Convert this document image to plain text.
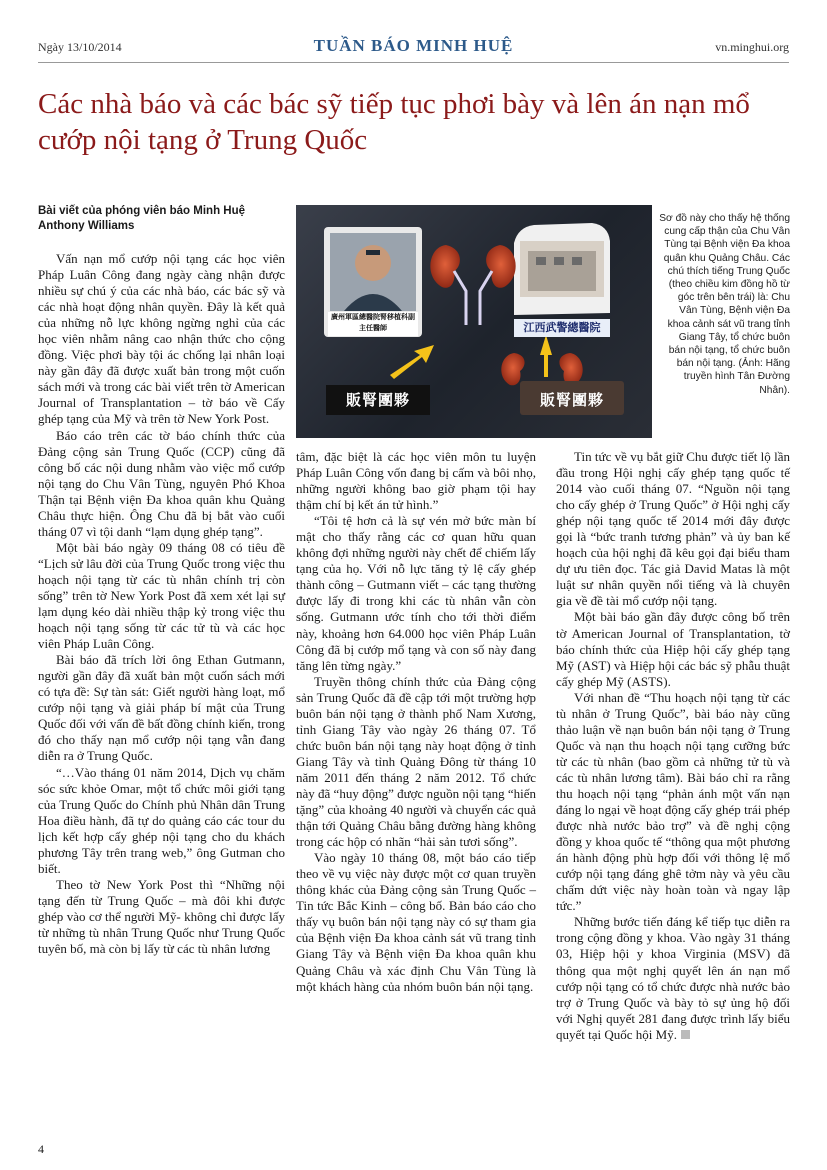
Ngày 13/10/2014	TUẦN BÁO MINH HUỆ	vn.minghui.org
Các nhà báo và các bác sỹ tiếp tục phơi bày và lên án nạn mổ cướp nội tạng ở Trung Quốc
Bài viết của phóng viên báo Minh Huệ
Anthony Williams

Vấn nạn mổ cướp nội tạng các học viên Pháp Luân Công đang ngày càng nhận được nhiều sự chú ý của các nhà báo, các bác sỹ và các nhà hoạt động nhân quyền. Đây là kết quả của những nỗ lực không ngừng nghỉ của các học viên nhằm nâng cao nhận thức cho cộng đồng. Việc phơi bày tội ác chống lại nhân loại này gần đây đã được xuất bản trong một cuốn sách mới và trong các bài viết trên tờ American Journal of Transplantation – tờ báo về Cấy ghép tạng của Mỹ và trên tờ New York Post.

Báo cáo trên các tờ báo chính thức của Đảng cộng sản Trung Quốc (CCP) cũng đã công bố các nội dung nhằm vào việc mổ cướp nội tạng do Chu Vân Tùng, nguyên Phó Khoa Thận tại Bệnh viện Đa khoa quân khu Quảng Châu thực hiện. Ông Chu đã bị bắt vào cuối tháng 07 vì tội danh “lạm dụng ghép tạng”.

Một bài báo ngày 09 tháng 08 có tiêu đề “Lịch sử lâu đời của Trung Quốc trong việc thu hoạch nội tạng từ các tù nhân chính trị còn sống” trên tờ New York Post đã xem xét lại sự lạm dụng kéo dài nhiều thập kỷ trong việc thu hoạch nội tạng sống từ các tử tù và các học viên Pháp Luân Công.

Bài báo đã trích lời ông Ethan Gutmann, người gần đây đã xuất bản một cuốn sách mới có tựa đề: Sự tàn sát: Giết người hàng loạt, mổ cướp nội tạng và giải pháp bí mật của Trung Quốc đối với vấn đề bất đồng chính kiến, trong đó cho thấy nạn mổ cướp nội tạng vẫn đang diễn ra ở Trung Quốc.

“…Vào tháng 01 năm 2014, Dịch vụ chăm sóc sức khỏe Omar, một tổ chức môi giới tạng của Trung Quốc do Chính phủ Nhân dân Trung Hoa điều hành, đã tự do quảng cáo các tour du lịch kết hợp cấy ghép nội tạng cho du khách phương Tây trên trang web,” ông Gutman cho biết.

Theo tờ New York Post thì “Những nội tạng đến từ Trung Quốc – mà đôi khi được ghép vào cơ thể người Mỹ- không chỉ được lấy từ những tù nhân Trung Quốc như Trung Quốc tuyên bố, mà còn bị lấy từ các tù nhân lương

廣州軍區總醫院腎移植科副主任醫師	江西武警總醫院
販腎團夥	販腎團夥
Sơ đồ này cho thấy hệ thống cung cấp thận của Chu Vân Tùng tại Bệnh viện Đa khoa quân khu Quảng Châu. Các chú thích tiếng Trung Quốc (theo chiều kim đồng hồ từ góc trên bên trái) là: Chu Vân Tùng, Bệnh viện Đa khoa cảnh sát vũ trang tỉnh Giang Tây, tổ chức buôn bán nội tạng, tổ chức buôn bán nội tạng. (Ảnh: Hãng truyền hình Tân Đường Nhân).

tâm, đặc biệt là các học viên môn tu luyện Pháp Luân Công vốn đang bị cấm và bôi nhọ, những người không bao giờ phạm tội hay thậm chí bị kết án tử hình.”

“Tôi tệ hơn cả là sự vén mở bức màn bí mật cho thấy rằng các cơ quan hữu quan không đợi những người này chết để chiếm lấy tạng của họ. Với nỗ lực tăng tỷ lệ cấy ghép thành công – Gutmann viết – các tạng thường được lấy đi trong khi các tù nhân vẫn còn sống. Gutmann ước tính cho tới thời điểm này, khoảng hơn 64.000 học viên Pháp Luân Công đã bị cướp mổ tạng và con số này đang tăng lên từng ngày.”

Truyền thông chính thức của Đảng cộng sản Trung Quốc đã đề cập tới một trường hợp buôn bán nội tạng ở thành phố Nam Xương, tỉnh Giang Tây vào ngày 26 tháng 07. Tổ chức buôn bán nội tạng này hoạt động ở tỉnh Giang Tây và tỉnh Quảng Đông từ tháng 10 năm 2011 đến tháng 2 năm 2012. Tổ chức này đã “huy động” được nguồn nội tạng “hiến tặng” của khoảng 40 người và chuyển các quả thận tới Quảng Châu bằng đường hàng không trong các hộp có nhãn “hải sản tươi sống”.

Vào ngày 10 tháng 08, một báo cáo tiếp theo về vụ việc này được một cơ quan truyền thông khác của Đảng cộng sản Trung Quốc – Tin tức Bắc Kinh – công bố. Bản báo cáo cho thấy vụ buôn bán nội tạng này có sự tham gia của Bệnh viện Đa khoa cảnh sát vũ trang tỉnh Giang Tây và Bệnh viện Đa khoa quân khu Quảng Châu và xác định Chu Vân Tùng là một khách hàng của nhóm buôn bán nội tạng.

Tin tức về vụ bắt giữ Chu được tiết lộ lần đầu trong Hội nghị cấy ghép tạng quốc tế 2014 vào cuối tháng 07. “Nguồn nội tạng cho cấy ghép ở Trung Quốc” ở Hội nghị cấy ghép nội tạng quốc tế 2014 mới đây được gọi là “bức tranh tương phản” và ủy ban kế hoạch của hội nghị đã kêu gọi đại biểu tham dự ưu tiên đọc. Tác giả David Matas là một luật sư nhân quyền nổi tiếng và là chuyên gia về đề tài mổ cướp nội tạng.

Một bài báo gần đây được công bố trên tờ American Journal of Transplantation, tờ báo chính thức của Hiệp hội cấy ghép tạng Mỹ (AST) và Hiệp hội các bác sỹ phẫu thuật cấy ghép Mỹ (ASTS).

Với nhan đề “Thu hoạch nội tạng từ các tù nhân ở Trung Quốc”, bài báo này cũng thảo luận về nạn buôn bán nội tạng ở Trung Quốc và nạn thu hoạch nội tạng cưỡng bức từ các tù nhân (bao gồm cả những tử tù và các tù nhân lương tâm). Bài báo chỉ ra rằng thu hoạch nội tạng “phản ánh một vấn nạn đáng lo ngại về hoạt động cấy ghép trái phép được nhà nước bảo trợ” và đề nghị cộng đồng y khoa quốc tế “thông qua một phương án hành động phù hợp đối với thông lệ mổ cướp nội tạng đáng ghê tởm này và yêu cầu chấm dứt việc này hoàn toàn và ngay lập tức.”

Những bước tiến đáng kể tiếp tục diễn ra trong cộng đồng y khoa. Vào ngày 31 tháng 03, Hiệp hội y khoa Virginia (MSV) đã thông qua một nghị quyết lên án nạn mổ cướp nội tạng có tổ chức được nhà nước bảo trợ ở Trung Quốc và bày tỏ sự ủng hộ đối với Nghị quyết 281 đang được trình lấy biểu quyết tại Quốc hội Mỹ.

4
